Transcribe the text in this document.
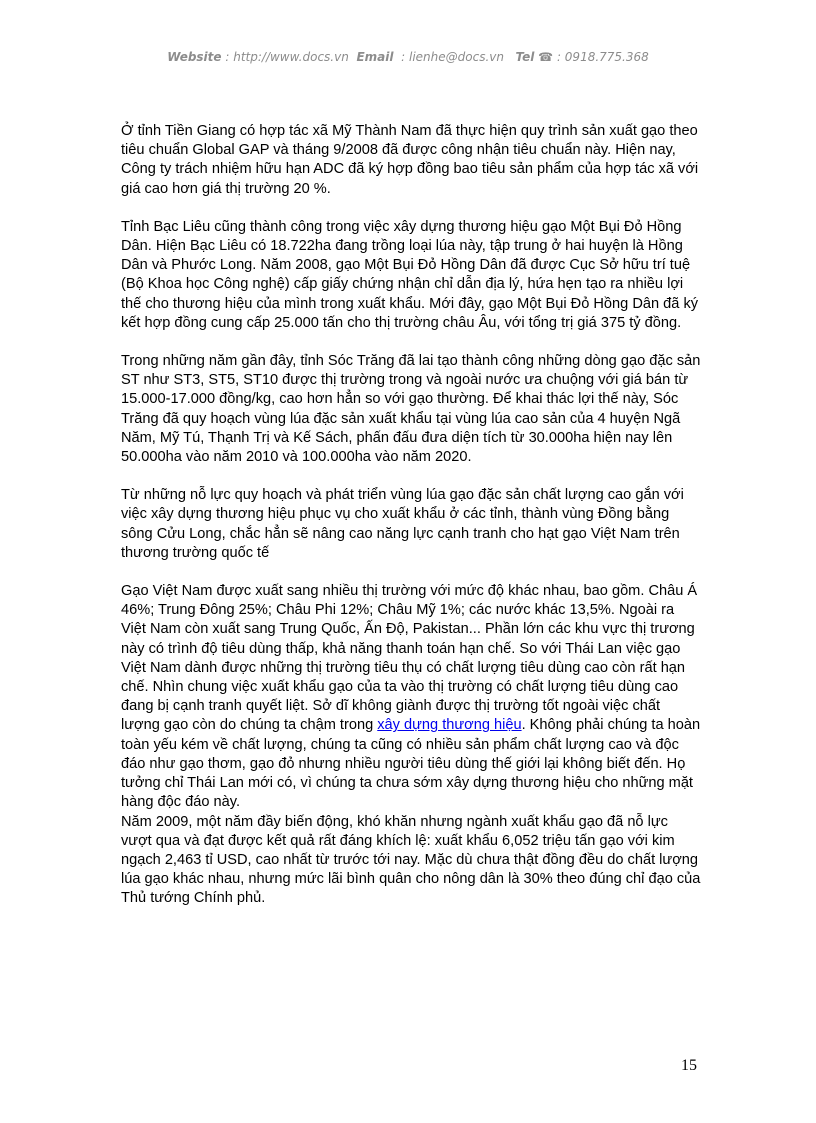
Website : http://www.docs.vn Email : lienhe@docs.vn Tel ☎ : 0918.775.368

Ở tỉnh Tiền Giang có hợp tác xã Mỹ Thành Nam đã thực hiện quy trình sản xuất gạo theo tiêu chuẩn Global GAP và tháng 9/2008 đã được công nhận tiêu chuẩn này. Hiện nay, Công ty trách nhiệm hữu hạn ADC đã ký hợp đồng bao tiêu sản phẩm của hợp tác xã với giá cao hơn giá thị trường 20 %.

Tỉnh Bạc Liêu cũng thành công trong việc xây dựng thương hiệu gạo Một Bụi Đỏ Hồng Dân. Hiện Bạc Liêu có 18.722ha đang trồng loại lúa này, tập trung ở hai huyện là Hồng Dân và Phước Long. Năm 2008, gạo Một Bụi Đỏ Hồng Dân đã được Cục Sở hữu trí tuệ (Bộ Khoa học Công nghệ) cấp giấy chứng nhận chỉ dẫn địa lý, hứa hẹn tạo ra nhiều lợi thế cho thương hiệu của mình trong xuất khẩu. Mới đây, gạo Một Bụi Đỏ Hồng Dân đã ký kết hợp đồng cung cấp 25.000 tấn cho thị trường châu Âu, với tổng trị giá 375 tỷ đồng.

Trong những năm gần đây, tỉnh Sóc Trăng đã lai tạo thành công những dòng gạo đặc sản ST như ST3, ST5, ST10 được thị trường trong và ngoài nước ưa chuộng với giá bán từ 15.000-17.000 đồng/kg, cao hơn hẳn so với gạo thường. Để khai thác lợi thế này, Sóc Trăng đã quy hoạch vùng lúa đặc sản xuất khẩu tại vùng lúa cao sản của 4 huyện Ngã Năm, Mỹ Tú, Thạnh Trị và Kế Sách, phấn đấu đưa diện tích từ 30.000ha hiện nay lên 50.000ha vào năm 2010 và 100.000ha vào năm 2020.

Từ những nỗ lực quy hoạch và phát triển vùng lúa gạo đặc sản chất lượng cao gắn với việc xây dựng thương hiệu phục vụ cho xuất khẩu ở các tỉnh, thành vùng Đồng bằng sông Cửu Long, chắc hẳn sẽ nâng cao năng lực cạnh tranh cho hạt gạo Việt Nam trên thương trường quốc tế

Gạo Việt Nam được xuất sang nhiều thị trường với mức độ khác nhau, bao gồm. Châu Á 46%; Trung Đông 25%; Châu Phi 12%; Châu Mỹ 1%; các nước khác 13,5%. Ngoài ra Việt Nam còn xuất sang Trung Quốc, Ấn Độ, Pakistan... Phần lớn các khu vực thị trương này có trình độ tiêu dùng thấp, khả năng thanh toán hạn chế. So với Thái Lan việc gạo Việt Nam dành được những thị trường tiêu thụ có chất lượng tiêu dùng cao còn rất hạn chế. Nhìn chung việc xuất khẩu gạo của ta vào thị trường có chất lượng tiêu dùng cao đang bị cạnh tranh quyết liệt. Sở dĩ không giành được thị trường tốt ngoài việc chất lượng gạo còn do chúng ta chậm trong xây dựng thương hiệu. Không phải chúng ta hoàn toàn yếu kém về chất lượng, chúng ta cũng có nhiều sản phẩm chất lượng cao và độc đáo như gạo thơm, gạo đỏ nhưng nhiều người tiêu dùng thế giới lại không biết đến. Họ tưởng chỉ Thái Lan mới có, vì chúng ta chưa sớm xây dựng thương hiệu cho những mặt hàng độc đáo này.

Năm 2009, một năm đầy biến động, khó khăn nhưng ngành xuất khẩu gạo đã nỗ lực vượt qua và đạt được kết quả rất đáng khích lệ: xuất khẩu 6,052 triệu tấn gạo với kim ngạch 2,463 tỉ USD, cao nhất từ trước tới nay. Mặc dù chưa thật đồng đều do chất lượng lúa gạo khác nhau, nhưng mức lãi bình quân cho nông dân là 30% theo đúng chỉ đạo của Thủ tướng Chính phủ.

15
